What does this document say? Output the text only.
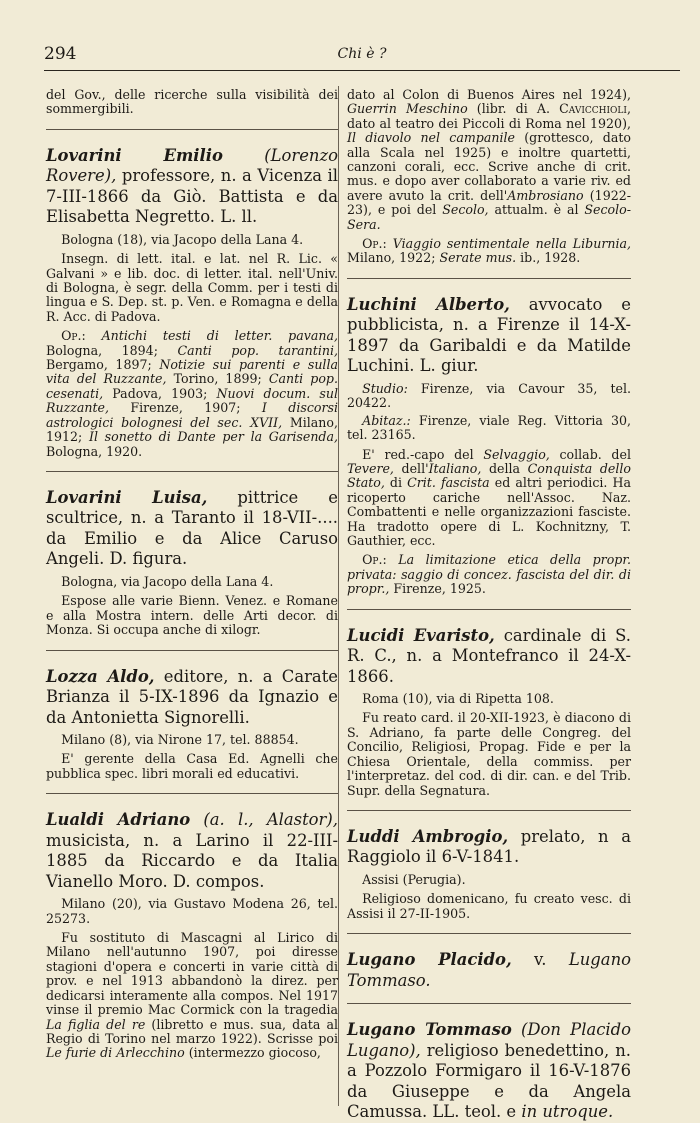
294	Chi è ?

del Gov., delle ricerche sulla visibilità dei sommergibili.

Lovarini Emilio	(Lorenzo Rovere), professore, n. a Vicenza il 7-III-1866 da Giò. Battista e da Elisabetta Negretto. L. ll.

Bologna (18), via Jacopo della Lana 4.

Insegn. di lett. ital. e lat. nel R. Lic. « Galvani » e lib. doc. di letter. ital. nell'Univ. di Bologna, è segr. della Comm. per i testi di lingua e S. Dep. st. p. Ven. e Romagna e della R. Acc. di Padova.

Op.: Antichi testi di letter. pavana, Bologna, 1894; Canti pop. tarantini, Bergamo, 1897; Notizie sui parenti e sulla vita del Ruzzante, Torino, 1899; Canti pop. cesenati, Padova, 1903; Nuovi docum. sul Ruzzante, Firenze, 1907; I discorsi astrologici bolognesi del sec. XVII, Milano, 1912; Il sonetto di Dante per la Garisenda, Bologna, 1920.

Lovarini Luisa, pittrice e scultrice, n. a Taranto il 18-VII-.... da Emilio e da Alice Caruso Angeli. D. figura.

Bologna, via Jacopo della Lana 4.

Espose alle varie Bienn. Venez. e Romane e alla Mostra intern. delle Arti decor. di Monza. Si occupa anche di xilogr.

Lozza Aldo, editore, n. a Carate Brianza il 5-IX-1896 da Ignazio e da Antonietta Signorelli.

Milano (8), via Nirone 17, tel. 88854.

E' gerente della Casa Ed. Agnelli che pubblica spec. libri morali ed educativi.

Lualdi Adriano (a. l., Alastor), musicista, n. a Larino il 22-III-1885 da Riccardo e da Italia Vianello Moro. D. compos.

Milano (20), via Gustavo Modena 26, tel. 25273.

Fu sostituto di Mascagni al Lirico di Milano nell'autunno 1907, poi diresse stagioni d'opera e concerti in varie città di prov. e nel 1913 abbandonò la direz. per dedicarsi interamente alla compos. Nel 1917 vinse il premio Mac Cormick con la tragedia La figlia del re (libretto e mus. sua, data al Regio di Torino nel marzo 1922). Scrisse poi Le furie di Arlecchino (intermezzo giocoso,

dato al Colon di Buenos Aires nel 1924), Guerrin Meschino (libr. di A. Cavicchioli, dato al teatro dei Piccoli di Roma nel 1920), Il diavolo nel campanile (grottesco, dato alla Scala nel 1925) e inoltre quartetti, canzoni corali, ecc. Scrive anche di crit. mus. e dopo aver collaborato a varie riv. ed avere avuto la crit. dell'Ambrosiano (1922-23), e poi del Secolo, attualm. è al Secolo-Sera.

Op.: Viaggio sentimentale nella Liburnia, Milano, 1922; Serate mus. ib., 1928.

Luchini Alberto, avvocato e pubblicista, n. a Firenze il 14-X-1897 da Garibaldi e da Matilde Luchini. L. giur.

Studio: Firenze, via Cavour 35, tel. 20422.

Abitaz.: Firenze, viale Reg. Vittoria 30, tel. 23165.

E' red.-capo del Selvaggio, collab. del Tevere, dell'Italiano, della Conquista dello Stato, di Crit. fascista ed altri periodici. Ha ricoperto cariche nell'Assoc. Naz. Combattenti e nelle organizzazioni fasciste. Ha tradotto opere di L. Kochnitzny, T. Gauthier, ecc.

Op.: La limitazione etica della propr. privata: saggio di concez. fascista del dir. di propr., Firenze, 1925.

Lucidi Evaristo, cardinale di S. R. C., n. a Montefranco il 24-X-1866.

Roma (10), via di Ripetta 108.

Fu reato card. il 20-XII-1923, è diacono di S. Adriano, fa parte delle Congreg. del Concilio, Religiosi, Propag. Fide e per la Chiesa Orientale, della commiss. per l'interpretaz. del cod. di dir. can. e del Trib. Supr. della Segnatura.

Luddi Ambrogio, prelato, n a Raggiolo il 6-V-1841.

Assisi (Perugia).

Religioso domenicano, fu creato vesc. di Assisi il 27-II-1905.

Lugano Placido, v. Lugano Tommaso.

Lugano Tommaso (Don Placido Lugano), religioso benedettino, n. a Pozzolo Formigaro il 16-V-1876 da Giuseppe e da Angela Camussa. LL. teol. e in utroque.
